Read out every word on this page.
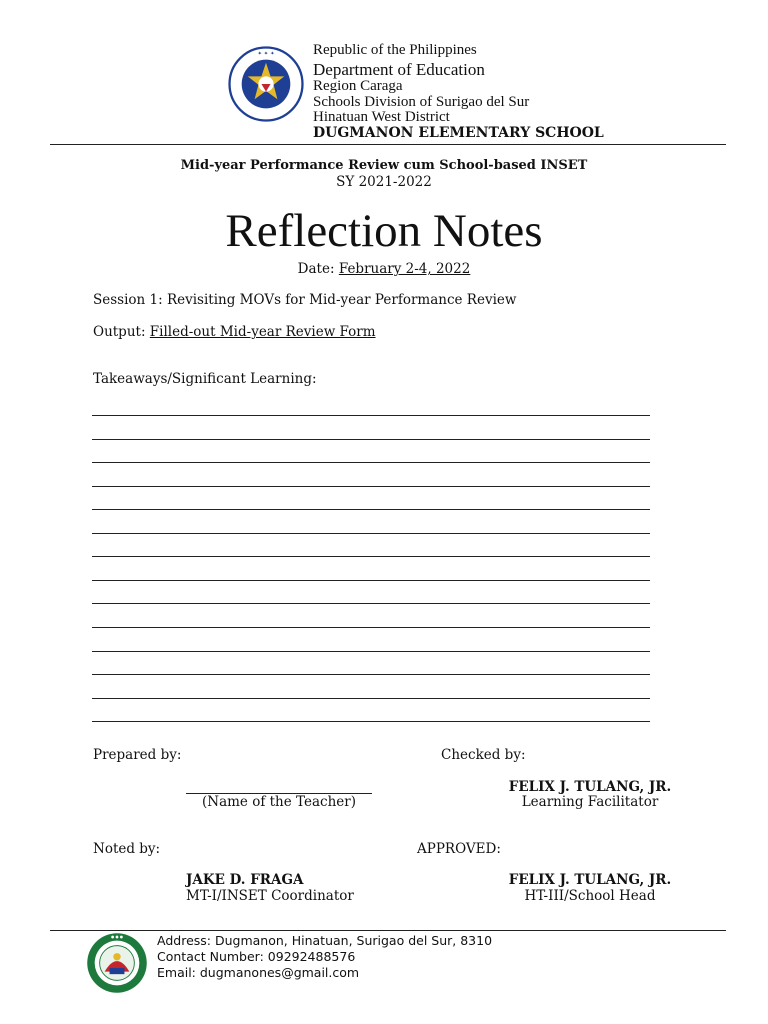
✦ ✦ ✦	Republic of the Philippines
Department of Education
Region Caraga
Schools Division of Surigao del Sur
Hinatuan West District
DUGMANON ELEMENTARY SCHOOL
Mid-year Performance Review cum School-based INSET
SY 2021-2022
Reflection Notes
Date: February 2-4, 2022
Session 1: Revisiting MOVs for Mid-year Performance Review
Output: Filled-out Mid-year Review Form
Takeaways/Significant Learning:
Prepared by:	Checked by:
(Name of the Teacher)
FELIX J. TULANG, JR.
Learning Facilitator
Noted by:	APPROVED:
JAKE D. FRAGA
MT-I/INSET Coordinator
FELIX J. TULANG, JR.
HT-III/School Head
● ● ●	Address: Dugmanon, Hinatuan, Surigao del Sur, 8310
Contact Number: 09292488576
Email: dugmanones@gmail.com
